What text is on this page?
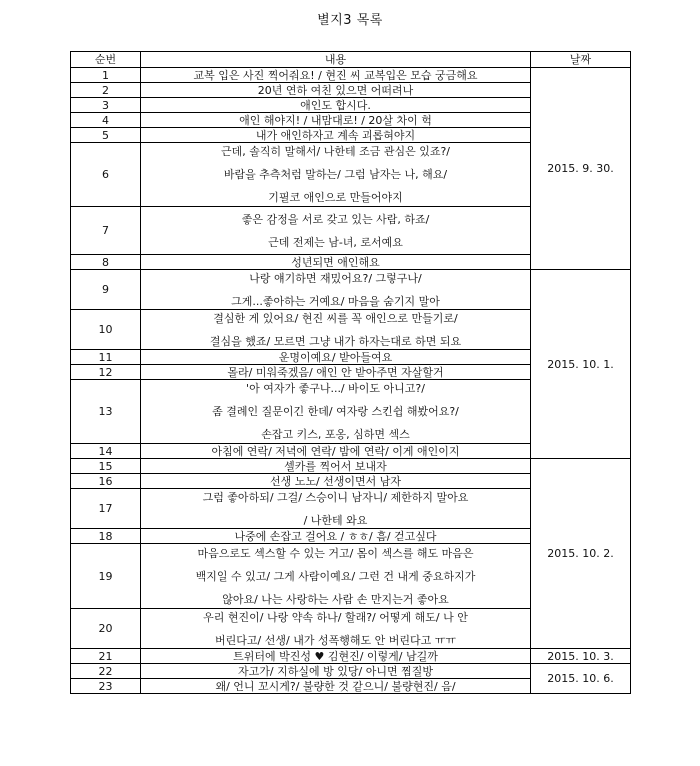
별지3 목록
순번	내용	날짜
1	교복 입은 사진 찍어줘요! / 현진 씨 교복입은 모습 궁금해요	2015. 9. 30.
2	20년 연하 여친 있으면 어떠려나	

3	애인도 합시다.	

4	애인 해야지! / 내맘대로! / 20살 차이 헉	

5	내가 애인하자고 계속 괴롭혀야지	

6	근데, 솔직히 말해서/ 나한테 조금 관심은 있죠?/
바람을 추측처럼 말하는/ 그럼 남자는 나, 해요/
기필코 애인으로 만들어야지	

7	좋은 감정을 서로 갖고 있는 사람, 하죠/
근데 전제는 남-녀, 로서예요	

8	성년되면 애인해요	

9	나랑 얘기하면 재밌어요?/ 그렇구나/
그게...좋아하는 거예요/ 마음을 숨기지 말아	2015. 10. 1.
10	결심한 게 있어요/ 현진 씨를 꼭 애인으로 만들기로/
결심을 했죠/ 모르면 그냥 내가 하자는대로 하면 되요	

11	운명이예요/ 받아들여요	

12	몰라/ 미워죽겠음/ 애인 안 받아주면 자살할거	

13	'아 여자가 좋구나.../ 바이도 아니고?/
좀 결례인 질문이긴 한데/ 여자랑 스킨쉽 해봤어요?/
손잡고 키스, 포옹, 심하면 섹스	

14	아침에 연락/ 저녁에 연락/ 밤에 연락/ 이게 애인이지	

15	셀카를 찍어서 보내자	2015. 10. 2.
16	선생 노노/ 선생이면서 남자	

17	그럼 좋아하되/ 그걸/ 스승이니 남자니/ 제한하지 말아요
/ 나한테 와요	

18	나중에 손잡고 걸어요 / ㅎㅎ/ 흠/ 걷고싶다	

19	마음으로도 섹스할 수 있는 거고/ 몸이 섹스를 해도 마음은
백지일 수 있고/ 그게 사람이예요/ 그런 건 내게 중요하지가
않아요/ 나는 사랑하는 사람 손 만지는거 좋아요	

20	우리 현진이/ 나랑 약속 하나/ 할래?/ 어떻게 해도/ 나 안
버린다고/ 선생/ 내가 성폭행해도 안 버린다고 ㅠㅠ	

21	트위터에 박진성 ♥ 김현진/ 이렇게/ 남길까	2015. 10. 3.
22	자고가/ 지하실에 방 있당/ 아니면 찜질방	2015. 10. 6.
23	왜/ 언니 꼬시게?/ 불량한 것 같으니/ 불량현진/ 음/	
